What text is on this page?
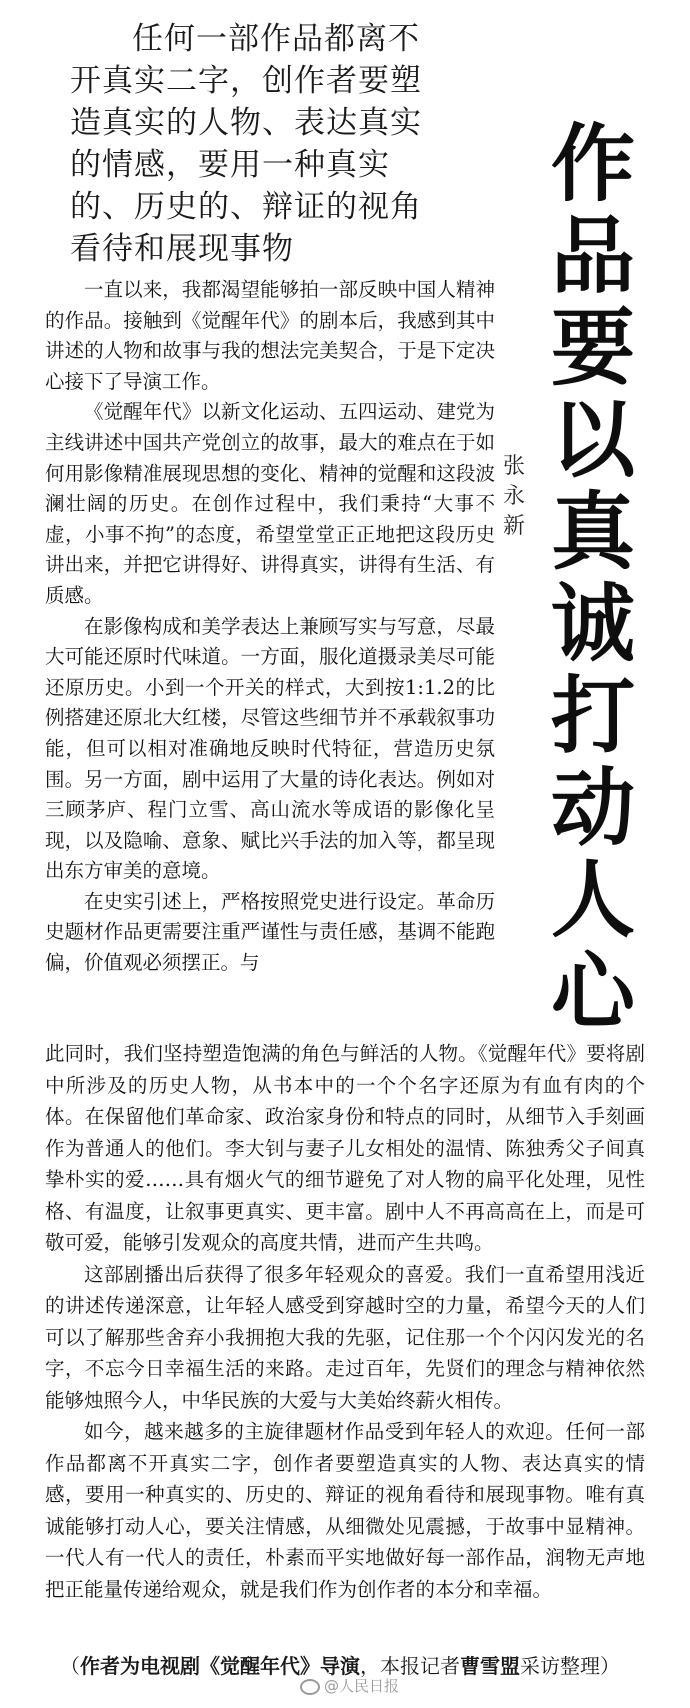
任何一部作品都离不开真实二字，创作者要塑造真实的人物、表达真实的情感，要用一种真实的、历史的、辩证的视角看待和展现事物
作
品
要
以
真
诚
打
动
人
心
张
永
新

一直以来，我都渴望能够拍一部反映中国人精神的作品。接触到《觉醒年代》的剧本后，我感到其中讲述的人物和故事与我的想法完美契合，于是下定决心接下了导演工作。

《觉醒年代》以新文化运动、五四运动、建党为主线讲述中国共产党创立的故事，最大的难点在于如何用影像精准展现思想的变化、精神的觉醒和这段波澜壮阔的历史。在创作过程中，我们秉持“大事不虚，小事不拘”的态度，希望堂堂正正地把这段历史讲出来，并把它讲得好、讲得真实，讲得有生活、有质感。

在影像构成和美学表达上兼顾写实与写意，尽最大可能还原时代味道。一方面，服化道摄录美尽可能还原历史。小到一个开关的样式，大到按1:1.2的比例搭建还原北大红楼，尽管这些细节并不承载叙事功能，但可以相对准确地反映时代特征，营造历史氛围。另一方面，剧中运用了大量的诗化表达。例如对三顾茅庐、程门立雪、高山流水等成语的影像化呈现，以及隐喻、意象、赋比兴手法的加入等，都呈现出东方审美的意境。

在史实引述上，严格按照党史进行设定。革命历史题材作品更需要注重严谨性与责任感，基调不能跑偏，价值观必须摆正。与

此同时，我们坚持塑造饱满的角色与鲜活的人物。《觉醒年代》要将剧中所涉及的历史人物，从书本中的一个个名字还原为有血有肉的个体。在保留他们革命家、政治家身份和特点的同时，从细节入手刻画作为普通人的他们。李大钊与妻子儿女相处的温情、陈独秀父子间真挚朴实的爱……具有烟火气的细节避免了对人物的扁平化处理，见性格、有温度，让叙事更真实、更丰富。剧中人不再高高在上，而是可敬可爱，能够引发观众的高度共情，进而产生共鸣。

这部剧播出后获得了很多年轻观众的喜爱。我们一直希望用浅近的讲述传递深意，让年轻人感受到穿越时空的力量，希望今天的人们可以了解那些舍弃小我拥抱大我的先驱，记住那一个个闪闪发光的名字，不忘今日幸福生活的来路。走过百年，先贤们的理念与精神依然能够烛照今人，中华民族的大爱与大美始终薪火相传。

如今，越来越多的主旋律题材作品受到年轻人的欢迎。任何一部作品都离不开真实二字，创作者要塑造真实的人物、表达真实的情感，要用一种真实的、历史的、辩证的视角看待和展现事物。唯有真诚能够打动人心，要关注情感，从细微处见震撼，于故事中显精神。一代人有一代人的责任，朴素而平实地做好每一部作品，润物无声地把正能量传递给观众，就是我们作为创作者的本分和幸福。

（作者为电视剧《觉醒年代》导演，本报记者曹雪盟采访整理）
@人民日报
